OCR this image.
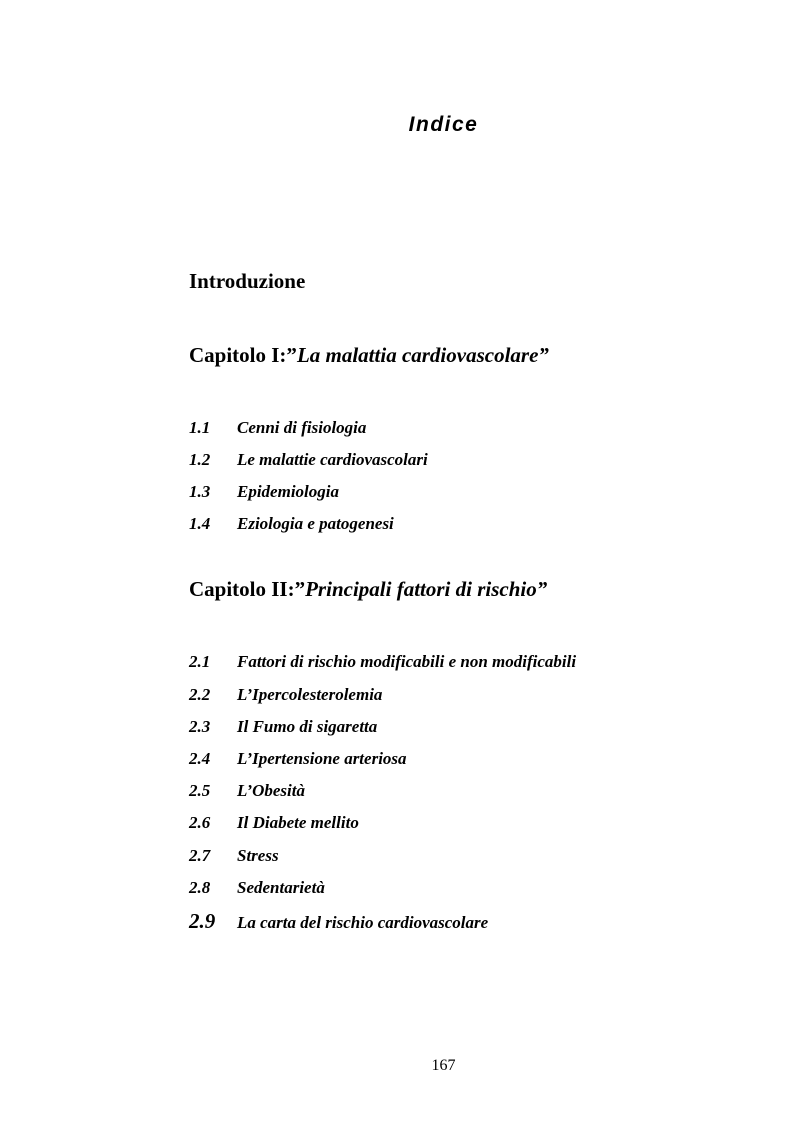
Indice
Introduzione
Capitolo I:”La malattia cardiovascolare”
1.1 Cenni di fisiologia
1.2 Le malattie cardiovascolari
1.3 Epidemiologia
1.4 Eziologia e patogenesi
Capitolo II:”Principali fattori di rischio”
2.1 Fattori di rischio modificabili e non modificabili
2.2 L’Ipercolesterolemia
2.3 Il Fumo di sigaretta
2.4 L’Ipertensione arteriosa
2.5 L’Obesità
2.6 Il Diabete mellito
2.7 Stress
2.8 Sedentarietà
2.9 La carta del rischio cardiovascolare
167
